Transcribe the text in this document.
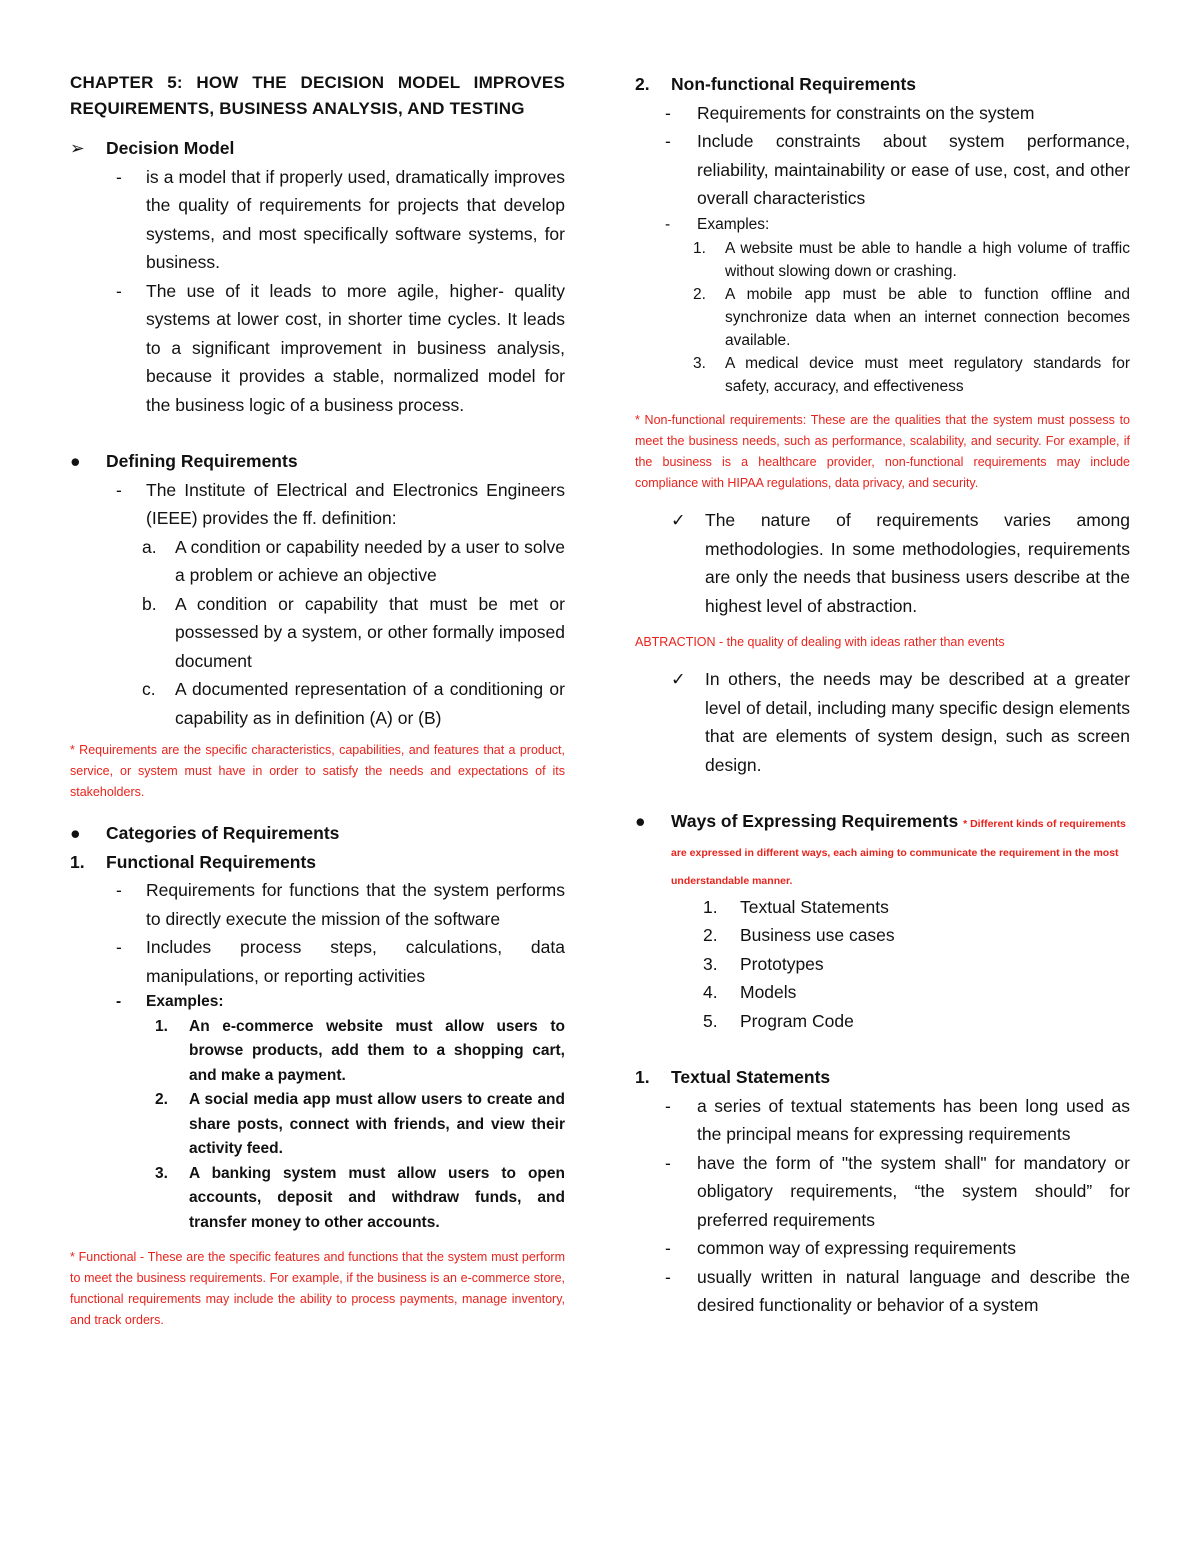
CHAPTER 5: HOW THE DECISION MODEL IMPROVES REQUIREMENTS, BUSINESS ANALYSIS, AND TESTING
➢ Decision Model
- is a model that if properly used, dramatically improves the quality of requirements for projects that develop systems, and most specifically software systems, for business.
- The use of it leads to more agile, higher- quality systems at lower cost, in shorter time cycles. It leads to a significant improvement in business analysis, because it provides a stable, normalized model for the business logic of a business process.
● Defining Requirements
- The Institute of Electrical and Electronics Engineers (IEEE) provides the ff. definition:
a. A condition or capability needed by a user to solve a problem or achieve an objective
b. A condition or capability that must be met or possessed by a system, or other formally imposed document
c. A documented representation of a conditioning or capability as in definition (A) or (B)
* Requirements are the specific characteristics, capabilities, and features that a product, service, or system must have in order to satisfy the needs and expectations of its stakeholders.
● Categories of Requirements
1. Functional Requirements
- Requirements for functions that the system performs to directly execute the mission of the software
- Includes process steps, calculations, data manipulations, or reporting activities
- Examples:
1. An e-commerce website must allow users to browse products, add them to a shopping cart, and make a payment.
2. A social media app must allow users to create and share posts, connect with friends, and view their activity feed.
3. A banking system must allow users to open accounts, deposit and withdraw funds, and transfer money to other accounts.
* Functional - These are the specific features and functions that the system must perform to meet the business requirements. For example, if the business is an e-commerce store, functional requirements may include the ability to process payments, manage inventory, and track orders.
2. Non-functional Requirements
- Requirements for constraints on the system
- Include constraints about system performance, reliability, maintainability or ease of use, cost, and other overall characteristics
- Examples:
1. A website must be able to handle a high volume of traffic without slowing down or crashing.
2. A mobile app must be able to function offline and synchronize data when an internet connection becomes available.
3. A medical device must meet regulatory standards for safety, accuracy, and effectiveness
* Non-functional requirements: These are the qualities that the system must possess to meet the business needs, such as performance, scalability, and security. For example, if the business is a healthcare provider, non-functional requirements may include compliance with HIPAA regulations, data privacy, and security.
✓ The nature of requirements varies among methodologies. In some methodologies, requirements are only the needs that business users describe at the highest level of abstraction.
ABTRACTION - the quality of dealing with ideas rather than events
✓ In others, the needs may be described at a greater level of detail, including many specific design elements that are elements of system design, such as screen design.
● Ways of Expressing Requirements * Different kinds of requirements are expressed in different ways, each aiming to communicate the requirement in the most understandable manner.
1. Textual Statements
2. Business use cases
3. Prototypes
4. Models
5. Program Code
1. Textual Statements
- a series of textual statements has been long used as the principal means for expressing requirements
- have the form of "the system shall" for mandatory or obligatory requirements, “the system should” for preferred requirements
- common way of expressing requirements
- usually written in natural language and describe the desired functionality or behavior of a system
